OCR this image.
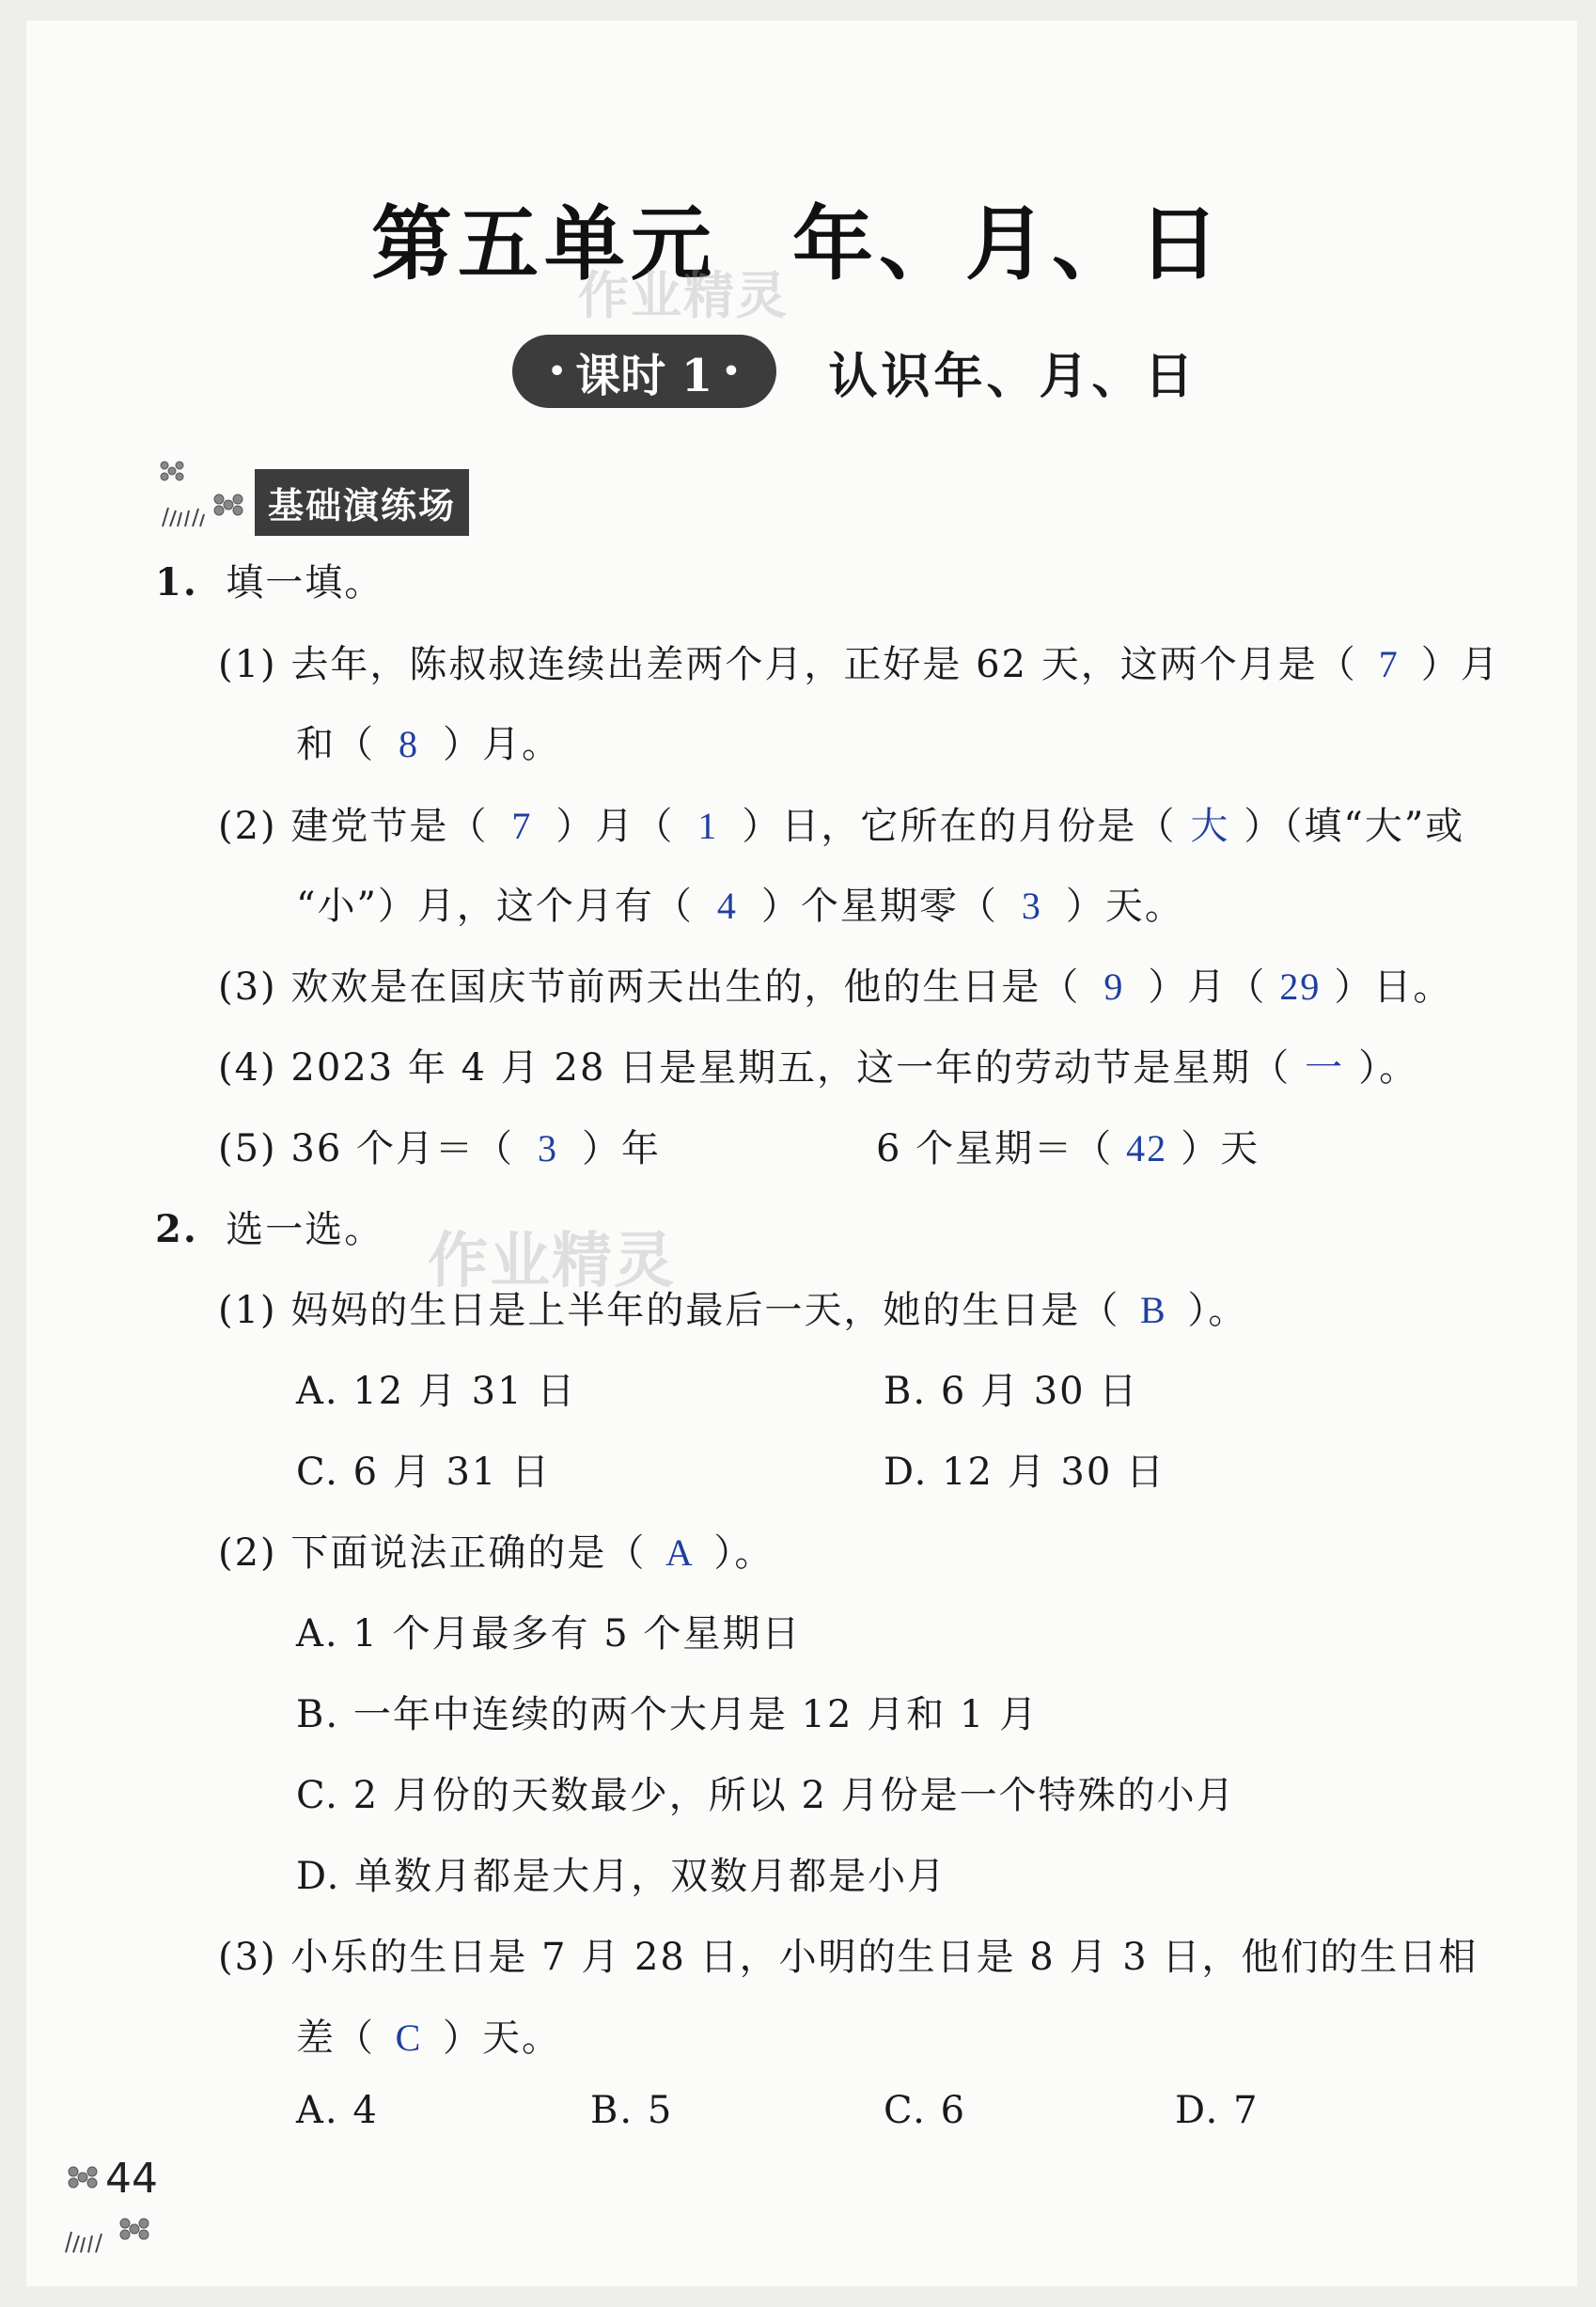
第五单元 年、月、日
作业精灵
作业精灵
• 课时 1 • 认识年、月、日
基础演练场
1. 填一填。
(1) 去年，陈叔叔连续出差两个月，正好是 62 天，这两个月是（ 7 ）月
和（ 8 ）月。
(2) 建党节是（ 7 ）月（ 1 ）日，它所在的月份是（ 大 ）（填“大”或
“小”）月，这个月有（ 4 ）个星期零（ 3 ）天。
(3) 欢欢是在国庆节前两天出生的，他的生日是（ 9 ）月（ 29 ）日。
(4) 2023 年 4 月 28 日是星期五，这一年的劳动节是星期（ 一 ）。
(5) 36 个月＝（ 3 ）年	6 个星期＝（ 42 ）天
2. 选一选。
(1) 妈妈的生日是上半年的最后一天，她的生日是（ B ）。
A. 12 月 31 日	B. 6 月 30 日
C. 6 月 31 日	D. 12 月 30 日
(2) 下面说法正确的是（ A ）。
A. 1 个月最多有 5 个星期日
B. 一年中连续的两个大月是 12 月和 1 月
C. 2 月份的天数最少，所以 2 月份是一个特殊的小月
D. 单数月都是大月，双数月都是小月
(3) 小乐的生日是 7 月 28 日，小明的生日是 8 月 3 日，他们的生日相
差（ C ）天。
A. 4	B. 5	C. 6	D. 7
44
